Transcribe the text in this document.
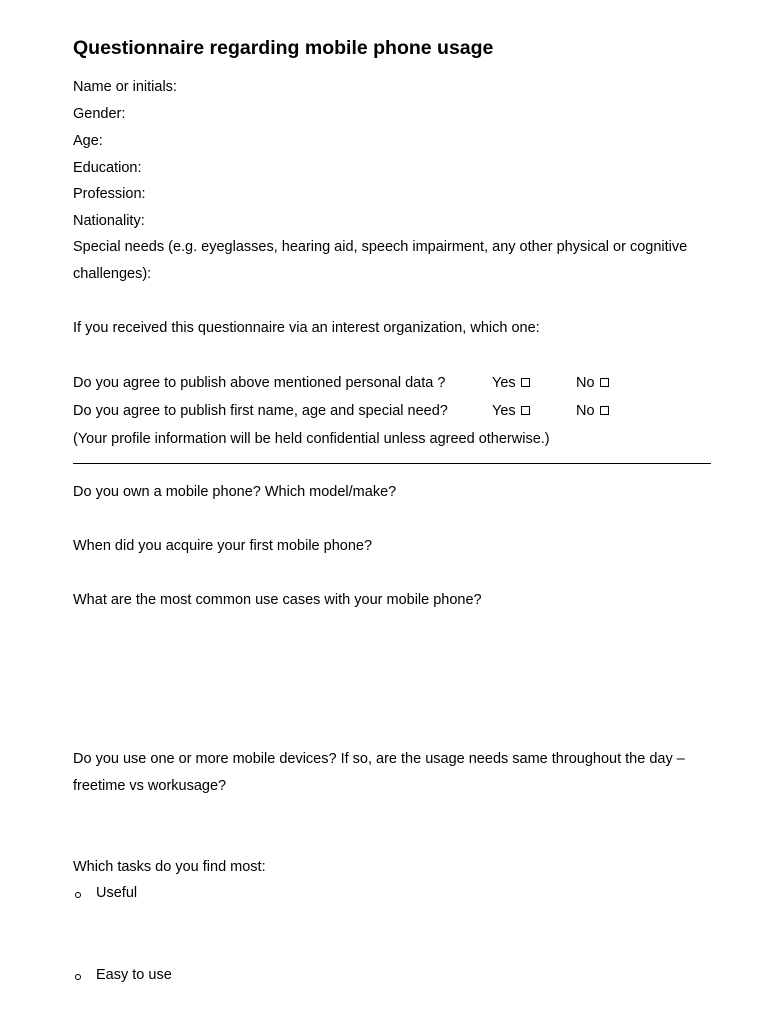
Questionnaire regarding mobile phone usage
Name or initials:
Gender:
Age:
Education:
Profession:
Nationality:
Special needs (e.g. eyeglasses, hearing aid, speech impairment, any other physical or cognitive challenges):
If you received this questionnaire via an interest organization, which one:
Do you agree to publish above mentioned personal data ?	Yes	No
Do you agree to publish first name, age and special need?	Yes	No
(Your profile information will be held confidential unless agreed otherwise.)
Do you own a mobile phone? Which model/make?
When did you acquire your first mobile phone?
What are the most common use cases with your mobile phone?
Do you use one or more mobile devices? If so, are the usage needs same throughout the day – freetime vs workusage?
Which tasks do you find most:
Useful
Easy to use
